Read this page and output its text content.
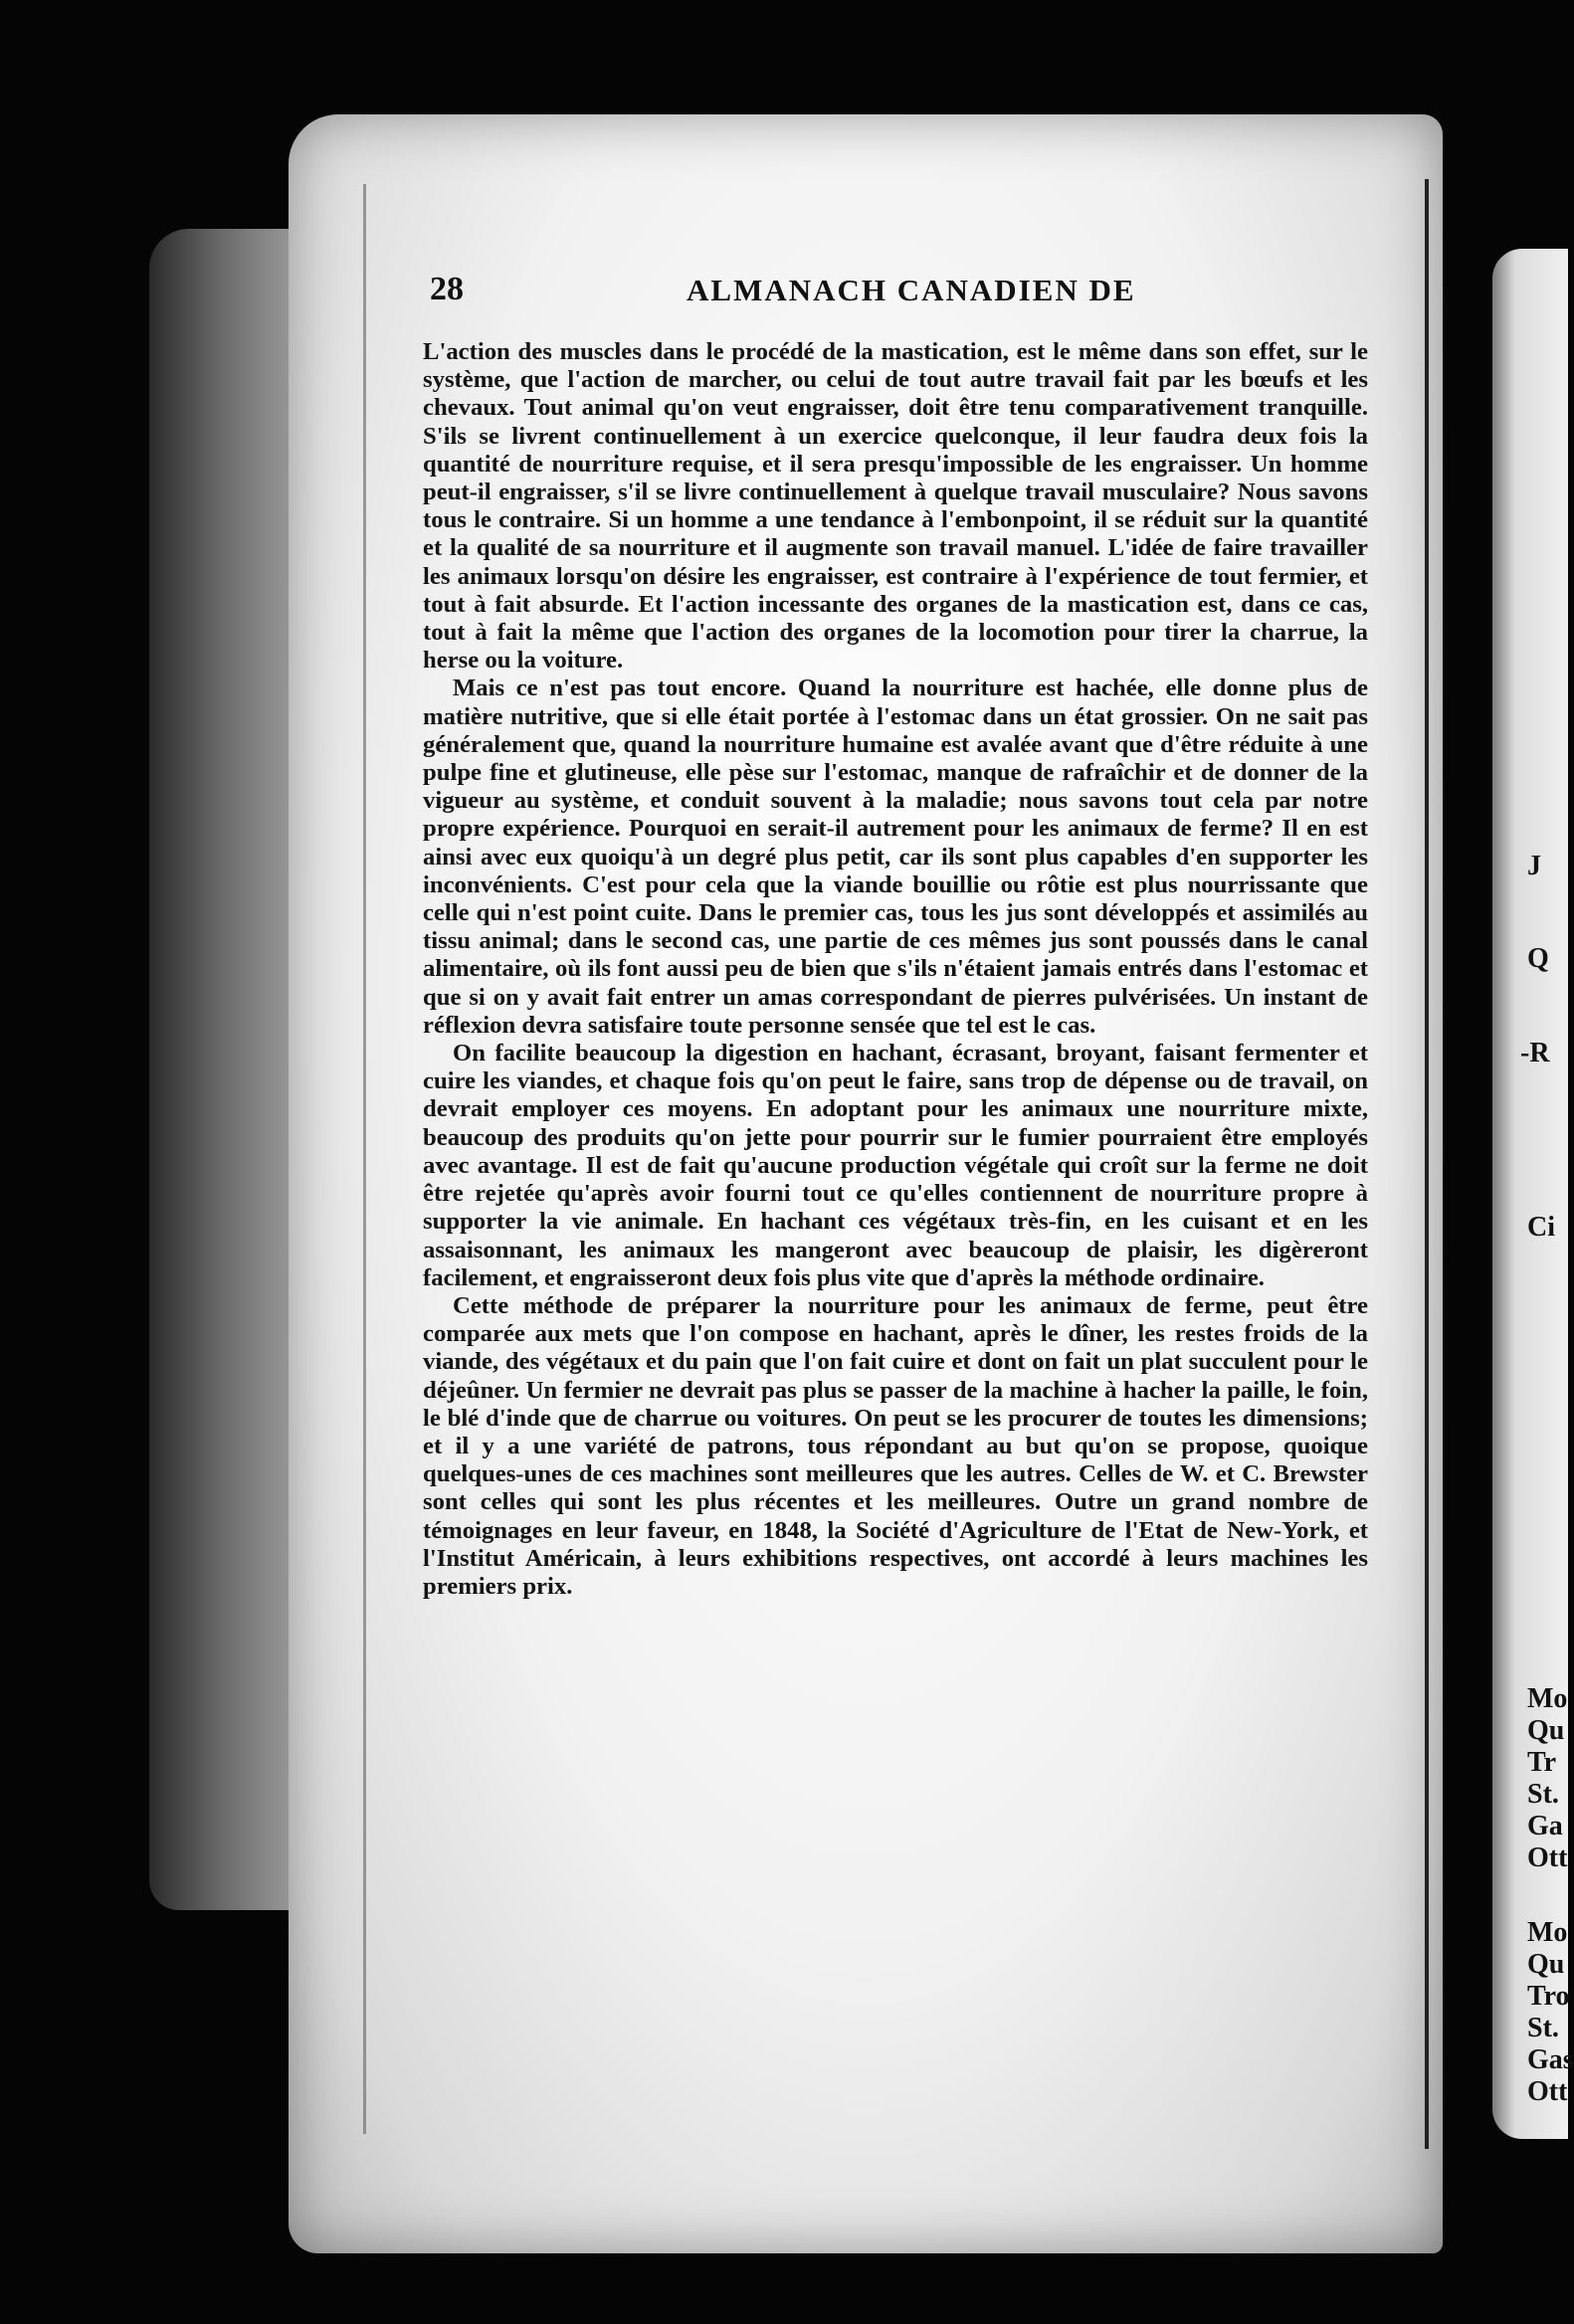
J
Q
-R
Ci
Mo
Qu
Tr
St.
Ga
Ott
Mo
Qu
Tro
St.
Gas
Ott
28	ALMANACH CANADIEN DE

L'action des muscles dans le procédé de la mastication, est le même dans son effet, sur le système, que l'action de marcher, ou celui de tout autre travail fait par les bœufs et les chevaux. Tout animal qu'on veut engraisser, doit être tenu comparativement tranquille. S'ils se livrent continuellement à un exercice quelconque, il leur faudra deux fois la quantité de nourriture requise, et il sera presqu'impossible de les engraisser. Un homme peut-il engraisser, s'il se livre continuellement à quelque travail musculaire? Nous savons tous le contraire. Si un homme a une tendance à l'embonpoint, il se réduit sur la quantité et la qualité de sa nourriture et il augmente son travail manuel. L'idée de faire travailler les animaux lorsqu'on désire les engraisser, est contraire à l'expérience de tout fermier, et tout à fait absurde. Et l'action incessante des organes de la mastication est, dans ce cas, tout à fait la même que l'action des organes de la locomotion pour tirer la charrue, la herse ou la voiture.

Mais ce n'est pas tout encore. Quand la nourriture est hachée, elle donne plus de matière nutritive, que si elle était portée à l'estomac dans un état grossier. On ne sait pas généralement que, quand la nourriture humaine est avalée avant que d'être réduite à une pulpe fine et glutineuse, elle pèse sur l'estomac, manque de rafraîchir et de donner de la vigueur au système, et conduit souvent à la maladie; nous savons tout cela par notre propre expérience. Pourquoi en serait-il autrement pour les animaux de ferme? Il en est ainsi avec eux quoiqu'à un degré plus petit, car ils sont plus capables d'en supporter les inconvénients. C'est pour cela que la viande bouillie ou rôtie est plus nourrissante que celle qui n'est point cuite. Dans le premier cas, tous les jus sont développés et assimilés au tissu animal; dans le second cas, une partie de ces mêmes jus sont poussés dans le canal alimentaire, où ils font aussi peu de bien que s'ils n'étaient jamais entrés dans l'estomac et que si on y avait fait entrer un amas correspondant de pierres pulvérisées. Un instant de réflexion devra satisfaire toute personne sensée que tel est le cas.

On facilite beaucoup la digestion en hachant, écrasant, broyant, faisant fermenter et cuire les viandes, et chaque fois qu'on peut le faire, sans trop de dépense ou de travail, on devrait employer ces moyens. En adoptant pour les animaux une nourriture mixte, beaucoup des produits qu'on jette pour pourrir sur le fumier pourraient être employés avec avantage. Il est de fait qu'aucune production végétale qui croît sur la ferme ne doit être rejetée qu'après avoir fourni tout ce qu'elles contiennent de nourriture propre à supporter la vie animale. En hachant ces végétaux très-fin, en les cuisant et en les assaisonnant, les animaux les mangeront avec beaucoup de plaisir, les digèreront facilement, et engraisseront deux fois plus vite que d'après la méthode ordinaire.

Cette méthode de préparer la nourriture pour les animaux de ferme, peut être comparée aux mets que l'on compose en hachant, après le dîner, les restes froids de la viande, des végétaux et du pain que l'on fait cuire et dont on fait un plat succulent pour le déjeûner. Un fermier ne devrait pas plus se passer de la machine à hacher la paille, le foin, le blé d'inde que de charrue ou voitures. On peut se les procurer de toutes les dimensions; et il y a une variété de patrons, tous répondant au but qu'on se propose, quoique quelques-unes de ces machines sont meilleures que les autres. Celles de W. et C. Brewster sont celles qui sont les plus récentes et les meilleures. Outre un grand nombre de témoignages en leur faveur, en 1848, la Société d'Agriculture de l'Etat de New-York, et l'Institut Américain, à leurs exhibitions respectives, ont accordé à leurs machines les premiers prix.
